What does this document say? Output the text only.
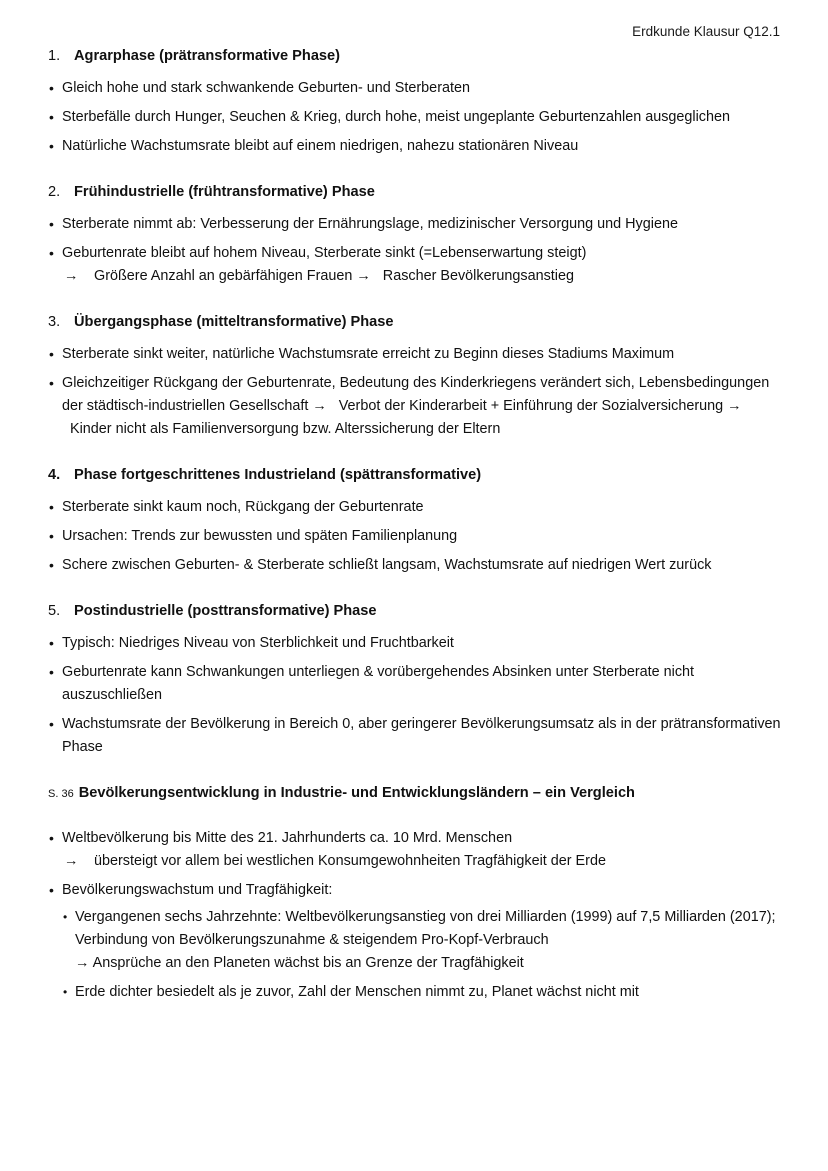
Erdkunde Klausur Q12.1
1. Agrarphase (prätransformative Phase)
• Gleich hohe und stark schwankende Geburten- und Sterberaten
• Sterbefälle durch Hunger, Seuchen & Krieg, durch hohe, meist ungeplante Geburtenzahlen ausgeglichen
• Natürliche Wachstumsrate bleibt auf einem niedrigen, nahezu stationären Niveau
2. Frühindustrielle (frühtransformative) Phase
• Sterberate nimmt ab: Verbesserung der Ernährungslage, medizinischer Versorgung und Hygiene
• Geburtenrate bleibt auf hohem Niveau, Sterberate sinkt (=Lebenserwartung steigt)
→ Größere Anzahl an gebärfähigen Frauen → Rascher Bevölkerungsanstieg
3. Übergangsphase (mitteltransformative) Phase
• Sterberate sinkt weiter, natürliche Wachstumsrate erreicht zu Beginn dieses Stadiums Maximum
• Gleichzeitiger Rückgang der Geburtenrate, Bedeutung des Kinderkriegens verändert sich, Lebensbedingungen der städtisch-industriellen Gesellschaft → Verbot der Kinderarbeit + Einführung der Sozialversicherung →   Kinder nicht als Familienversorgung bzw. Alterssicherung der Eltern
4. Phase fortgeschrittenes Industrieland (spättransformative)
• Sterberate sinkt kaum noch, Rückgang der Geburtenrate
• Ursachen: Trends zur bewussten und späten Familienplanung
• Schere zwischen Geburten- & Sterberate schließt langsam, Wachstumsrate auf niedrigen Wert zurück
5. Postindustrielle (posttransformative) Phase
• Typisch: Niedriges Niveau von Sterblichkeit und Fruchtbarkeit
• Geburtenrate kann Schwankungen unterliegen & vorübergehendes Absinken unter Sterberate nicht auszuschließen
• Wachstumsrate der Bevölkerung in Bereich 0, aber geringerer Bevölkerungsumsatz als in der prätransformativen Phase
S. 36 Bevölkerungsentwicklung in Industrie- und Entwicklungsländern – ein Vergleich
• Weltbevölkerung bis Mitte des 21. Jahrhunderts ca. 10 Mrd. Menschen
→ übersteigt vor allem bei westlichen Konsumgewohnheiten Tragfähigkeit der Erde
• Bevölkerungswachstum und Tragfähigkeit:
• Vergangenen sechs Jahrzehnte: Weltbevölkerungsanstieg von drei Milliarden (1999) auf 7,5 Milliarden (2017); Verbindung von Bevölkerungszunahme & steigendem Pro-Kopf-Verbrauch
→ Ansprüche an den Planeten wächst bis an Grenze der Tragfähigkeit
• Erde dichter besiedelt als je zuvor, Zahl der Menschen nimmt zu, Planet wächst nicht mit
